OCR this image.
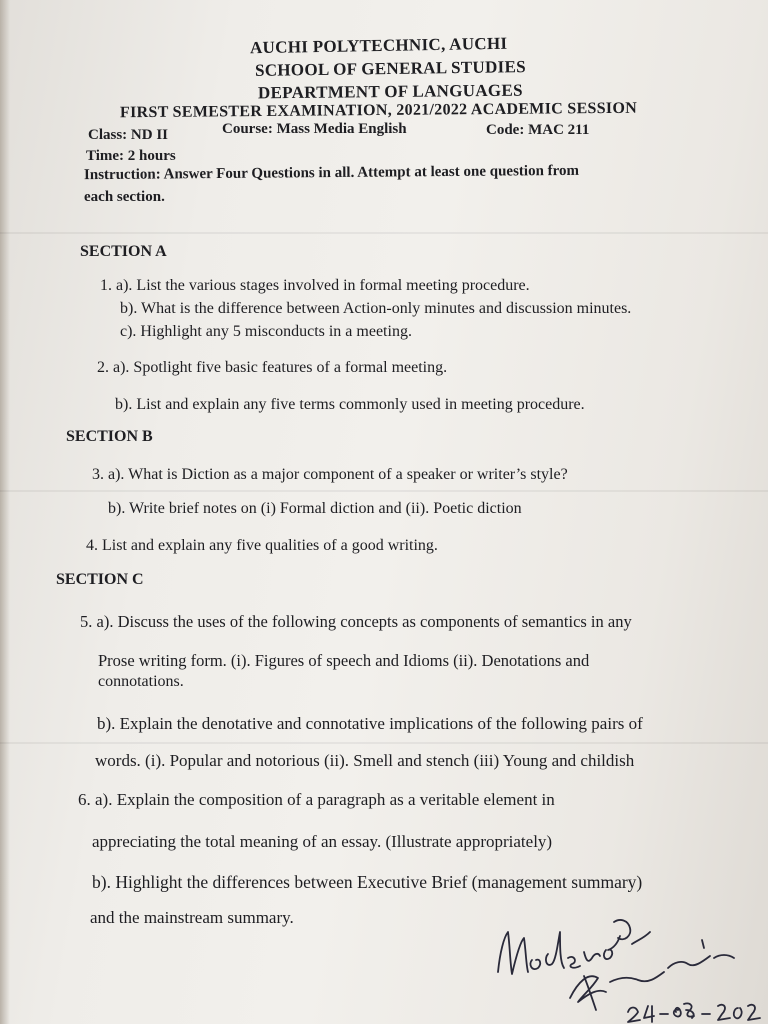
AUCHI POLYTECHNIC, AUCHI
SCHOOL OF GENERAL STUDIES
DEPARTMENT OF LANGUAGES
FIRST SEMESTER EXAMINATION, 2021/2022 ACADEMIC SESSION
Class: ND II	Course: Mass Media English	Code: MAC 211
Time: 2 hours
Instruction: Answer Four Questions in all. Attempt at least one question from
each section.
SECTION A
1. a). List the various stages involved in formal meeting procedure.
b). What is the difference between Action-only minutes and discussion minutes.
c). Highlight any 5 misconducts in a meeting.
2. a). Spotlight five basic features of a formal meeting.
b). List and explain any five terms commonly used in meeting procedure.
SECTION B
3. a). What is Diction as a major component of a speaker or writer’s style?
b). Write brief notes on (i) Formal diction and (ii). Poetic diction
4. List and explain any five qualities of a good writing.
SECTION C
5. a). Discuss the uses of the following concepts as components of semantics in any
Prose writing form. (i). Figures of speech and Idioms (ii). Denotations and
connotations.
b). Explain the denotative and connotative implications of the following pairs of
words. (i). Popular and notorious (ii). Smell and stench (iii) Young and childish
6. a). Explain the composition of a paragraph as a veritable element in
appreciating the total meaning of an essay. (Illustrate appropriately)
b). Highlight the differences between Executive Brief (management summary)
and the mainstream summary.
